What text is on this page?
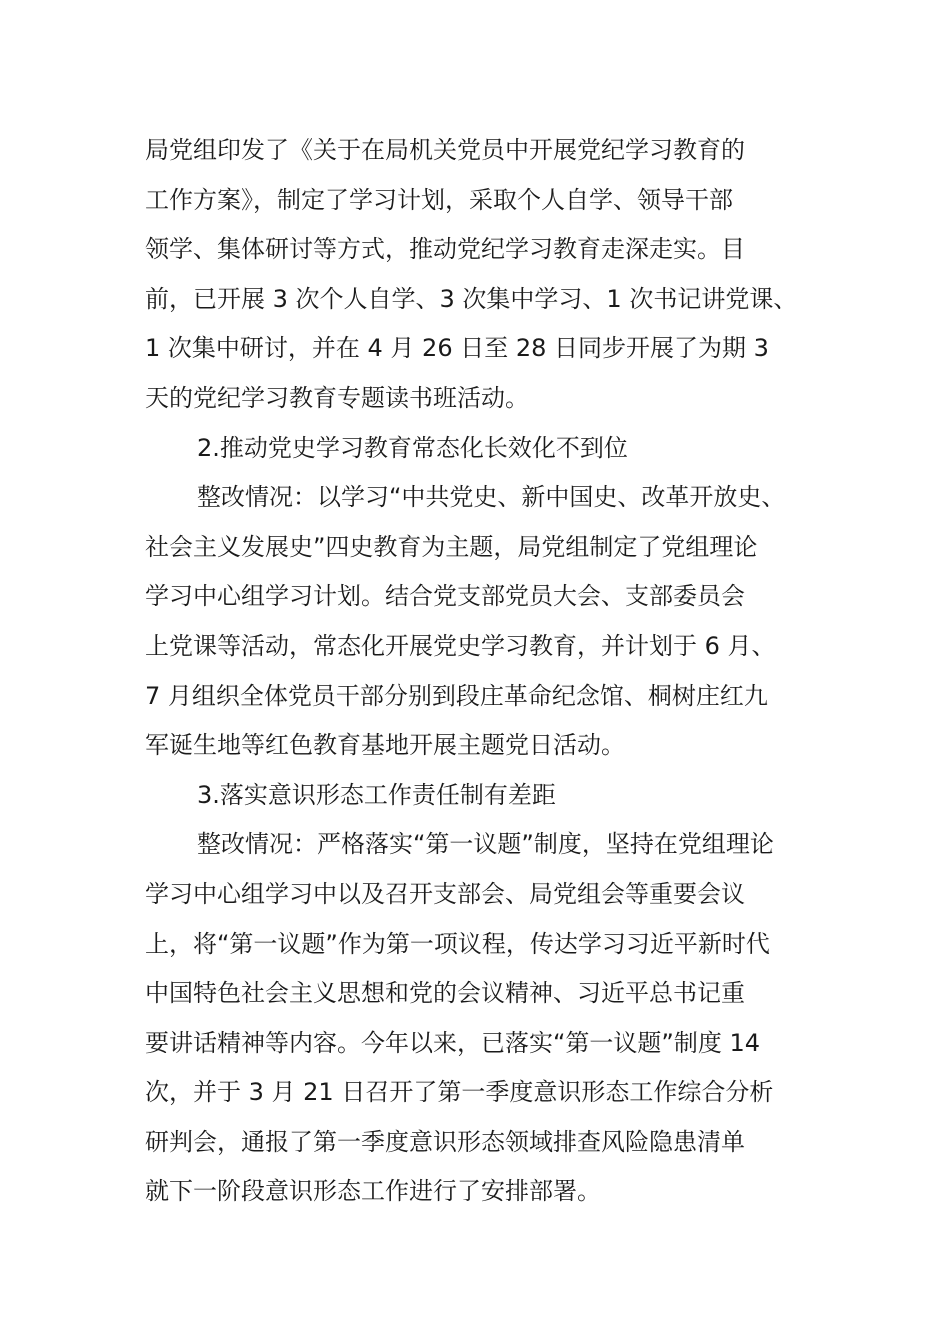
局党组印发了《关于在局机关党员中开展党纪学习教育的
工作方案》，制定了学习计划，采取个人自学、领导干部
领学、集体研讨等方式，推动党纪学习教育走深走实。目
前，已开展 3 次个人自学、3 次集中学习、1 次书记讲党课、
1 次集中研讨，并在 4 月 26 日至 28 日同步开展了为期 3
天的党纪学习教育专题读书班活动。
2.推动党史学习教育常态化长效化不到位
整改情况：以学习“中共党史、新中国史、改革开放史、
社会主义发展史”四史教育为主题，局党组制定了党组理论
学习中心组学习计划。结合党支部党员大会、支部委员会
上党课等活动，常态化开展党史学习教育，并计划于 6 月、
7 月组织全体党员干部分别到段庄革命纪念馆、桐树庄红九
军诞生地等红色教育基地开展主题党日活动。
3.落实意识形态工作责任制有差距
整改情况：严格落实“第一议题”制度，坚持在党组理论
学习中心组学习中以及召开支部会、局党组会等重要会议
上，将“第一议题”作为第一项议程，传达学习习近平新时代
中国特色社会主义思想和党的会议精神、习近平总书记重
要讲话精神等内容。今年以来，已落实“第一议题”制度 14
次，并于 3 月 21 日召开了第一季度意识形态工作综合分析
研判会，通报了第一季度意识形态领域排查风险隐患清单
就下一阶段意识形态工作进行了安排部署。
